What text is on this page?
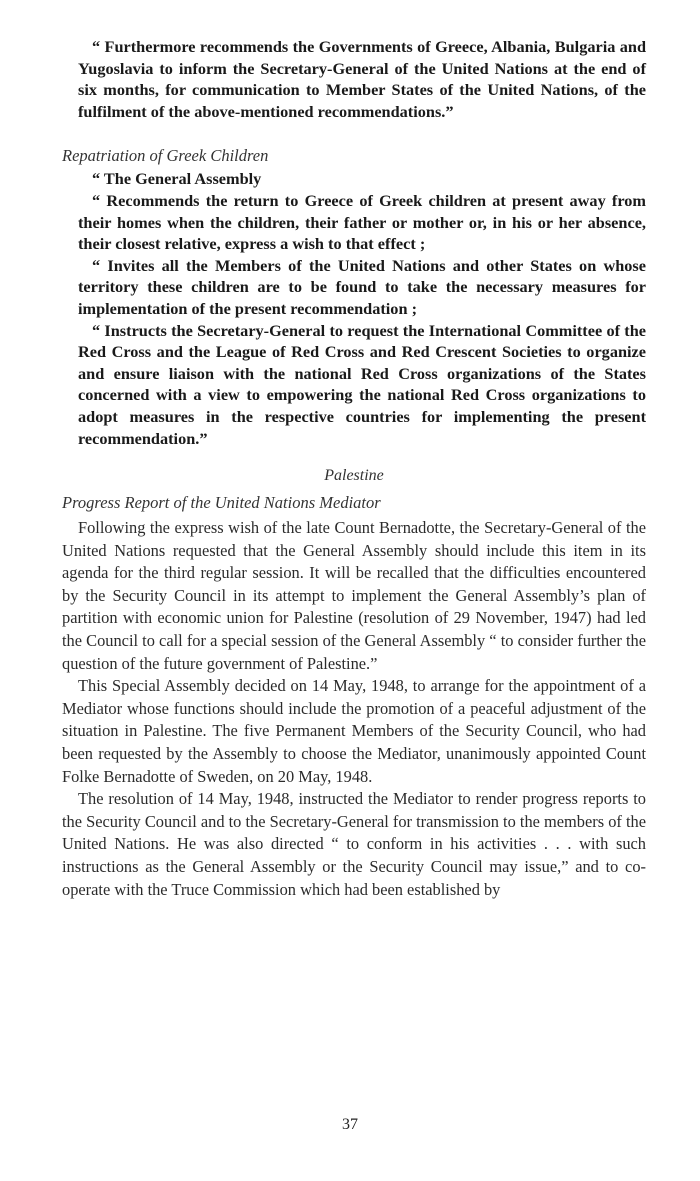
“ Furthermore recommends the Governments of Greece, Albania, Bulgaria and Yugoslavia to inform the Secretary-General of the United Nations at the end of six months, for communication to Member States of the United Nations, of the fulfilment of the above-mentioned recommendations.”

Repatriation of Greek Children

“ The General Assembly

“ Recommends the return to Greece of Greek children at present away from their homes when the children, their father or mother or, in his or her absence, their closest relative, express a wish to that effect ;

“ Invites all the Members of the United Nations and other States on whose territory these children are to be found to take the necessary measures for implementation of the present recommendation ;

“ Instructs the Secretary-General to request the International Committee of the Red Cross and the League of Red Cross and Red Crescent Societies to organize and ensure liaison with the national Red Cross organizations of the States concerned with a view to empowering the national Red Cross organizations to adopt measures in the respective countries for implementing the present recommendation.”

Palestine

Progress Report of the United Nations Mediator

Following the express wish of the late Count Bernadotte, the Secretary-General of the United Nations requested that the General Assembly should include this item in its agenda for the third regular session. It will be recalled that the difficulties encountered by the Security Council in its attempt to implement the General Assembly’s plan of partition with economic union for Palestine (resolution of 29 November, 1947) had led the Council to call for a special session of the General Assembly “ to consider further the question of the future government of Palestine.”

This Special Assembly decided on 14 May, 1948, to arrange for the appointment of a Mediator whose functions should include the promotion of a peaceful adjustment of the situation in Palestine. The five Permanent Members of the Security Council, who had been requested by the Assembly to choose the Mediator, unanimously appointed Count Folke Bernadotte of Sweden, on 20 May, 1948.

The resolution of 14 May, 1948, instructed the Mediator to render progress reports to the Security Council and to the Secretary-General for transmission to the members of the United Nations. He was also directed “ to conform in his activities . . . with such instructions as the General Assembly or the Security Council may issue,” and to co-operate with the Truce Commission which had been established by

37
